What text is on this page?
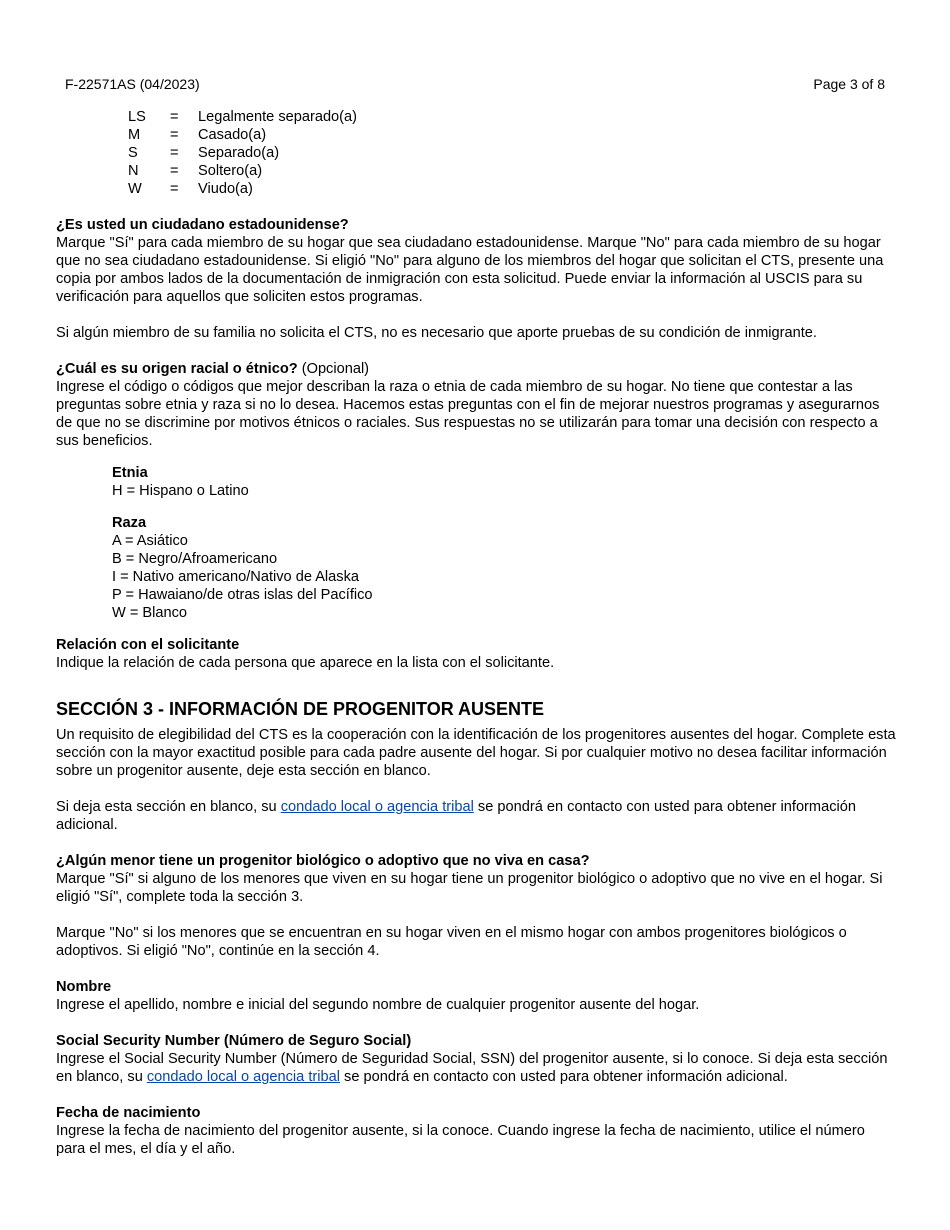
F-22571AS (04/2023)	Page 3 of 8
LS	=	Legalmente separado(a)
M	=	Casado(a)
S	=	Separado(a)
N	=	Soltero(a)
W	=	Viudo(a)

¿Es usted un ciudadano estadounidense?

Marque "Sí" para cada miembro de su hogar que sea ciudadano estadounidense. Marque "No" para cada miembro de su hogar que no sea ciudadano estadounidense. Si eligió "No" para alguno de los miembros del hogar que solicitan el CTS, presente una copia por ambos lados de la documentación de inmigración con esta solicitud. Puede enviar la información al USCIS para su verificación para aquellos que soliciten estos programas.

Si algún miembro de su familia no solicita el CTS, no es necesario que aporte pruebas de su condición de inmigrante.

¿Cuál es su origen racial o étnico? (Opcional)

Ingrese el código o códigos que mejor describan la raza o etnia de cada miembro de su hogar. No tiene que contestar a las preguntas sobre etnia y raza si no lo desea. Hacemos estas preguntas con el fin de mejorar nuestros programas y asegurarnos de que no se discrimine por motivos étnicos o raciales. Sus respuestas no se utilizarán para tomar una decisión con respecto a sus beneficios.

Etnia

H = Hispano o Latino

Raza

A = Asiático

B = Negro/Afroamericano

I = Nativo americano/Nativo de Alaska

P = Hawaiano/de otras islas del Pacífico

W = Blanco

Relación con el solicitante

Indique la relación de cada persona que aparece en la lista con el solicitante.

SECCIÓN 3 - INFORMACIÓN DE PROGENITOR AUSENTE

Un requisito de elegibilidad del CTS es la cooperación con la identificación de los progenitores ausentes del hogar. Complete esta sección con la mayor exactitud posible para cada padre ausente del hogar. Si por cualquier motivo no desea facilitar información sobre un progenitor ausente, deje esta sección en blanco.

Si deja esta sección en blanco, su condado local o agencia tribal se pondrá en contacto con usted para obtener información adicional.

¿Algún menor tiene un progenitor biológico o adoptivo que no viva en casa?

Marque "Sí" si alguno de los menores que viven en su hogar tiene un progenitor biológico o adoptivo que no vive en el hogar. Si eligió "Sí", complete toda la sección 3.

Marque "No" si los menores que se encuentran en su hogar viven en el mismo hogar con ambos progenitores biológicos o adoptivos. Si eligió "No", continúe en la sección 4.

Nombre

Ingrese el apellido, nombre e inicial del segundo nombre de cualquier progenitor ausente del hogar.

Social Security Number (Número de Seguro Social)

Ingrese el Social Security Number (Número de Seguridad Social, SSN) del progenitor ausente, si lo conoce. Si deja esta sección en blanco, su condado local o agencia tribal se pondrá en contacto con usted para obtener información adicional.

Fecha de nacimiento

Ingrese la fecha de nacimiento del progenitor ausente, si la conoce. Cuando ingrese la fecha de nacimiento, utilice el número para el mes, el día y el año.
